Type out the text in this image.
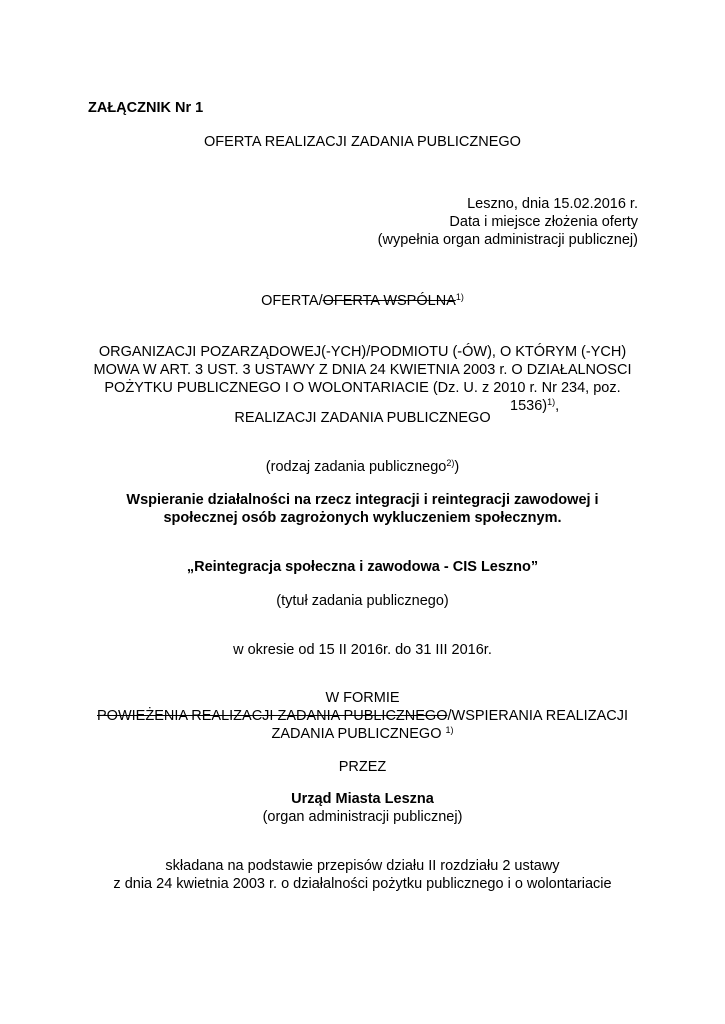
ZAŁĄCZNIK Nr 1
OFERTA REALIZACJI ZADANIA PUBLICZNEGO
Leszno, dnia 15.02.2016 r.
Data i miejsce złożenia oferty
(wypełnia organ administracji publicznej)
OFERTA/OFERTA WSPÓLNA$^{1)}$
ORGANIZACJI POZARZĄDOWEJ(-YCH)/PODMIOTU (-ÓW), O KTÓRYM (-YCH)
MOWA W ART. 3 UST. 3 USTAWY Z DNIA 24 KWIETNIA 2003 r. O DZIAŁALNOSCI
POŻYTKU PUBLICZNEGO I O WOLONTARIACIE (Dz. U. z 2010 r. Nr 234, poz.
1536)$^{1)}$,
REALIZACJI ZADANIA PUBLICZNEGO
(rodzaj zadania publicznego$^{2)}$)
Wspieranie działalności na rzecz integracji i reintegracji zawodowej i
społecznej osób zagrożonych wykluczeniem społecznym.
„Reintegracja społeczna i zawodowa - CIS Leszno”
(tytuł zadania publicznego)
w okresie od 15 II 2016r. do 31 III 2016r.
W FORMIE
POWIEŻENIA REALIZACJI ZADANIA PUBLICZNEGO/WSPIERANIA REALIZACJI
ZADANIA PUBLICZNEGO $^{1)}$
PRZEZ
Urząd Miasta Leszna
(organ administracji publicznej)
składana na podstawie przepisów działu II rozdziału 2 ustawy
z dnia 24 kwietnia 2003 r. o działalności pożytku publicznego i o wolontariacie
